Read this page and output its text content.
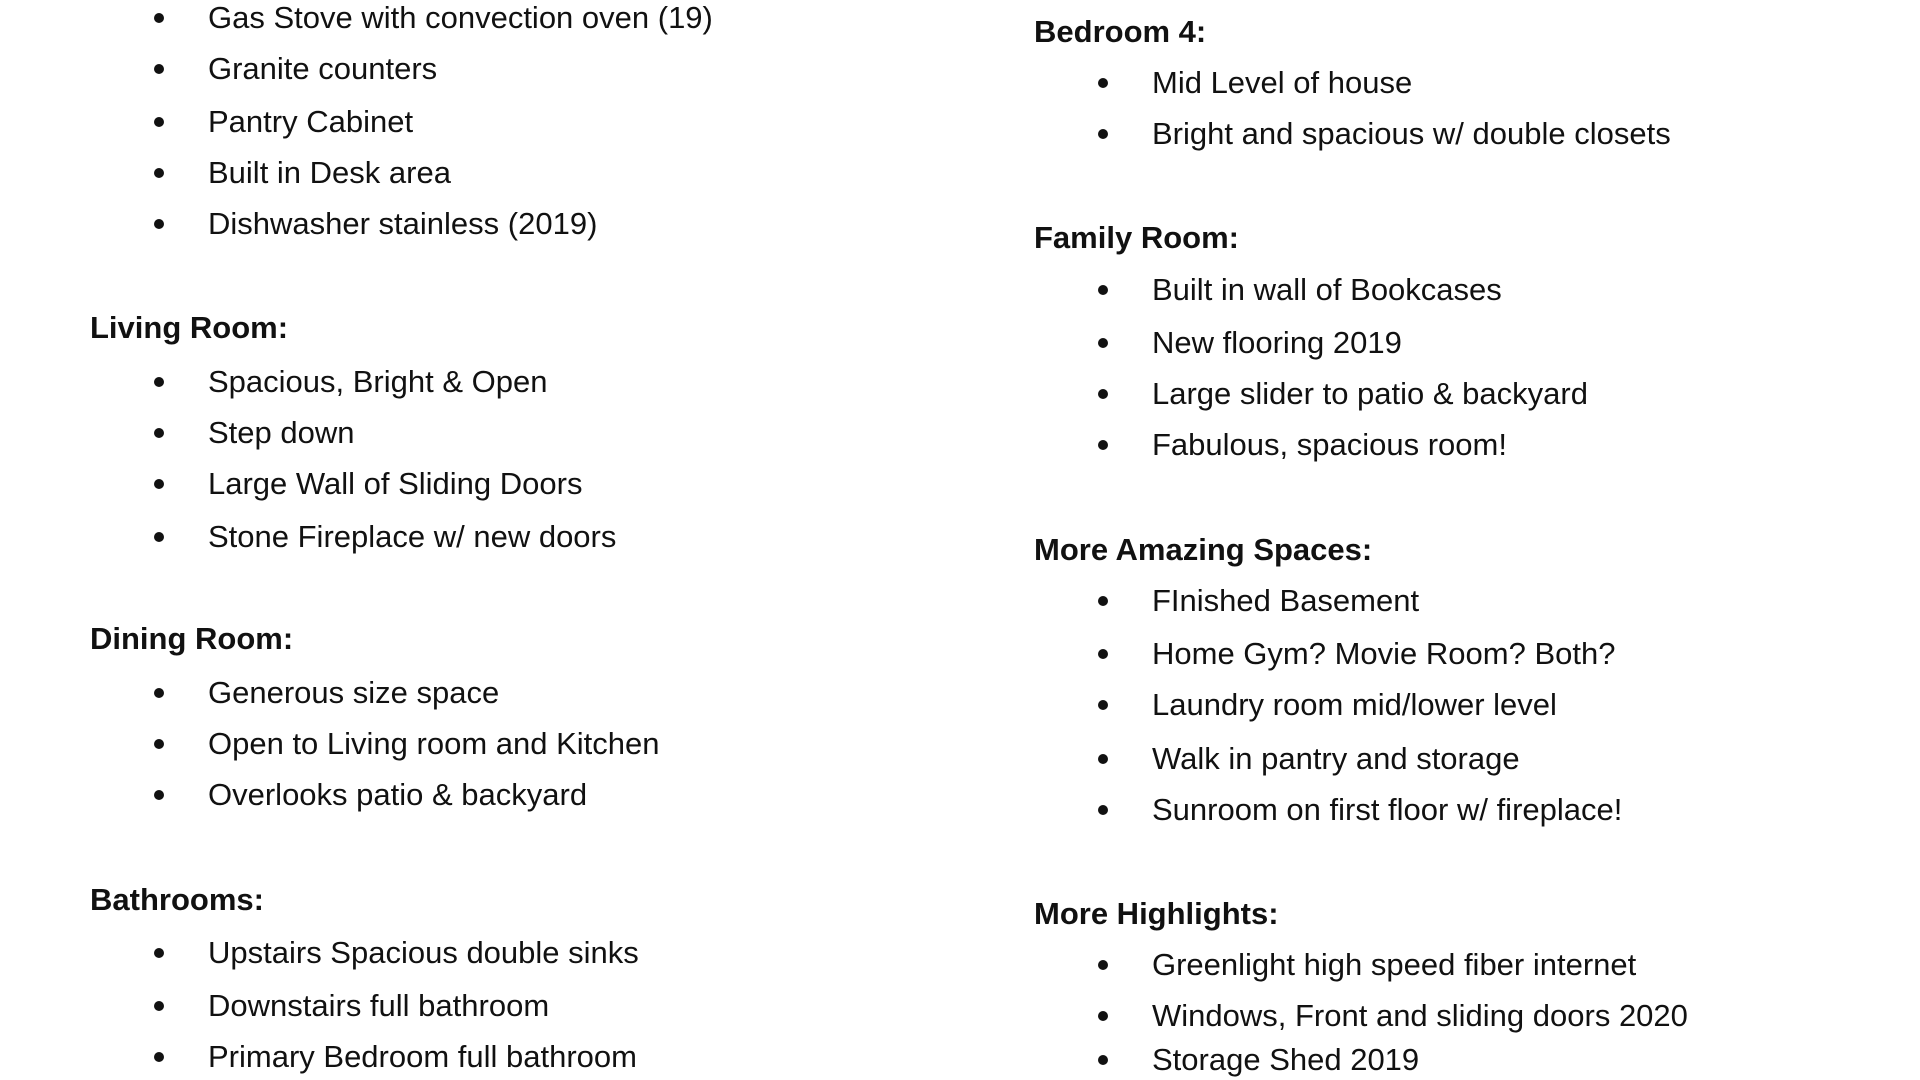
Gas Stove with convection oven (19)
Granite counters
Pantry Cabinet
Built in Desk area
Dishwasher stainless (2019)
Living Room:
Spacious, Bright & Open
Step down
Large Wall of Sliding Doors
Stone Fireplace w/ new doors
Dining Room:
Generous size space
Open to Living room and Kitchen
Overlooks patio & backyard
Bathrooms:
Upstairs Spacious double sinks
Downstairs full bathroom
Primary Bedroom full bathroom
Bedroom 4:
Mid Level of house
Bright and spacious w/ double closets
Family Room:
Built in wall of Bookcases
New flooring 2019
Large slider to patio & backyard
Fabulous, spacious room!
More Amazing Spaces:
FInished Basement
Home Gym? Movie Room? Both?
Laundry room mid/lower level
Walk in pantry and storage
Sunroom on first floor w/ fireplace!
More Highlights:
Greenlight high speed fiber internet
Windows, Front and sliding doors 2020
Storage Shed 2019
